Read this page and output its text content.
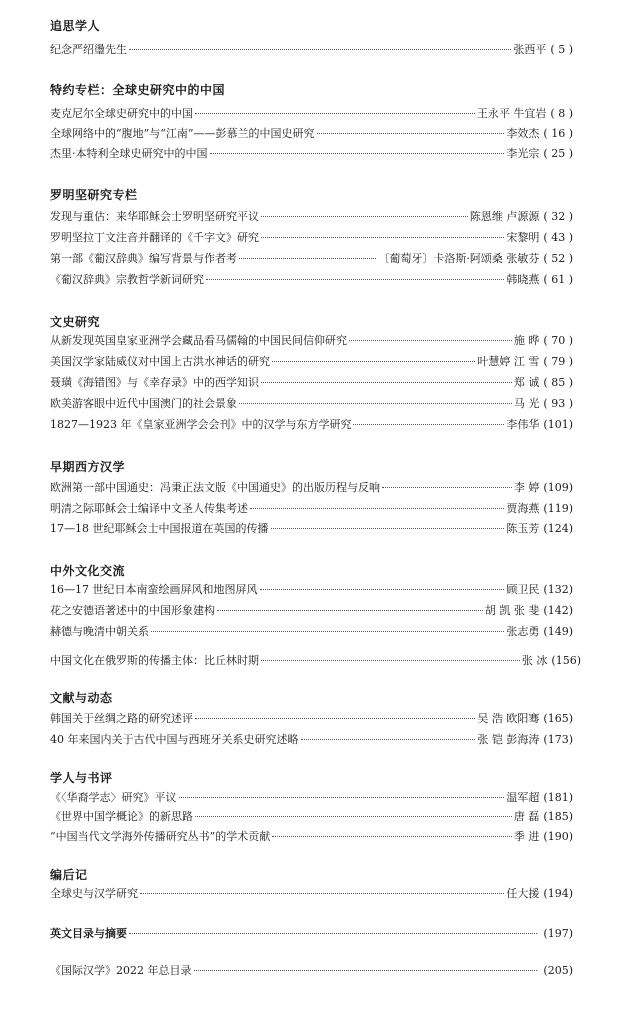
追思学人
纪念严绍璗先生	张西平 ( 5 )
特约专栏：全球史研究中的中国
麦克尼尔全球史研究中的中国	王永平 牛宜岩 ( 8 )
全球网络中的“腹地”与“江南”——彭慕兰的中国史研究	李效杰 ( 16 )
杰里·本特利全球史研究中的中国	李光宗 ( 25 )
罗明坚研究专栏
发现与重估：来华耶稣会士罗明坚研究平议	陈恩维 卢源源 ( 32 )
罗明坚拉丁文注音并翻译的《千字文》研究	宋黎明 ( 43 )
第一部《葡汉辞典》编写背景与作者考	〔葡萄牙〕卡洛斯·阿颂桑 张敏芬 ( 52 )
《葡汉辞典》宗教哲学新词研究	韩晓燕 ( 61 )
文史研究
从新发现英国皇家亚洲学会藏品看马儒翰的中国民间信仰研究	施 晔 ( 70 )
美国汉学家陆威仪对中国上古洪水神话的研究	叶慧婷 江 雪 ( 79 )
聂璜《海错图》与《幸存录》中的西学知识	郑 诚 ( 85 )
欧美游客眼中近代中国澳门的社会景象	马 光 ( 93 )
1827—1923 年《皇家亚洲学会会刊》中的汉学与东方学研究	李伟华 ( 101 )
早期西方汉学
欧洲第一部中国通史：冯秉正法文版《中国通史》的出版历程与反响	李 婷 ( 109 )
明清之际耶稣会士编译中文圣人传集考述	贾海燕 ( 119 )
17—18 世纪耶稣会士中国报道在英国的传播	陈玉芳 ( 124 )
中外文化交流
16—17 世纪日本南蛮绘画屏风和地图屏风	顾卫民 ( 132 )
花之安德语著述中的中国形象建构	胡 凯 张 斐 ( 142 )
赫德与晚清中朝关系	张志勇 ( 149 )
中国文化在俄罗斯的传播主体：比丘林时期	张 冰 ( 156 )
文献与动态
韩国关于丝绸之路的研究述评	吴 浩 欧阳骞 ( 165 )
40 年来国内关于古代中国与西班牙关系史研究述略	张 铠 彭海涛 ( 173 )
学人与书评
《〈华裔学志〉研究》平议	温军超 ( 181 )
《世界中国学概论》的新思路	唐 磊 ( 185 )
“中国当代文学海外传播研究丛书”的学术贡献	季 进 ( 190 )
编后记
全球史与汉学研究	任大援 ( 194 )
英文目录与摘要	( 197 )
《国际汉学》2022 年总目录	( 205 )
